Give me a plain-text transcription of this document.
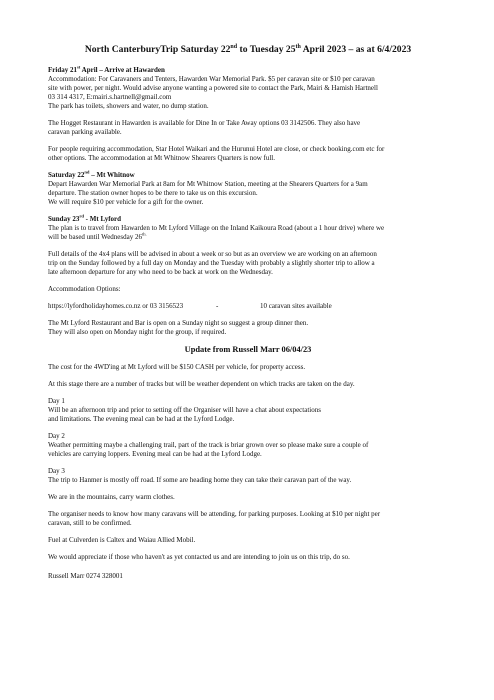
North CanterburyTrip Saturday 22nd to Tuesday 25th April 2023 – as at 6/4/2023
Friday 21st April – Arrive at Hawarden

Accommodation: For Caravaners and Tenters, Hawarden War Memorial Park. $5 per caravan site or $10 per caravan

site with power, per night. Would advise anyone wanting a powered site to contact the Park, Mairi & Hamish Hartnell

03 314 4317, E:mairi.s.hartnell@gmail.com

The park has toilets, showers and water, no dump station.

The Hogget Restaurant in Hawarden is available for Dine In or Take Away options 03 3142506. They also have

caravan parking available.

For people requiring accommodation, Star Hotel Waikari and the Hurunui Hotel are close, or check booking.com etc for

other options. The accommodation at Mt Whitnow Shearers Quarters is now full.

Saturday 22nd – Mt Whitnow

Depart Hawarden War Memorial Park at 8am for Mt Whitnow Station, meeting at the Shearers Quarters for a 9am

departure. The station owner hopes to be there to take us on this excursion.

We will require $10 per vehicle for a gift for the owner.

Sunday 23rd - Mt Lyford

The plan is to travel from Hawarden to Mt Lyford Village on the Inland Kaikoura Road (about a 1 hour drive) where we

will be based until Wednesday $26^{th.}$

Full details of the 4x4 plans will be advised in about a week or so but as an overview we are working on an afternoon

trip on the Sunday followed by a full day on Monday and the Tuesday with probably a slightly shorter trip to allow a

late afternoon departure for any who need to be back at work on the Wednesday.

Accommodation Options:

https://lyfordholidayhomes.co.nz or 03 3156523	-	10 caravan sites available

The Mt Lyford Restaurant and Bar is open on a Sunday night so suggest a group dinner then.

They will also open on Monday night for the group, if required.

Update from Russell Marr 06/04/23

The cost for the 4WD'ing at Mt Lyford will be $150 CASH per vehicle, for property access.

At this stage there are a number of tracks but will be weather dependent on which tracks are taken on the day.

Day 1

Will be an afternoon trip and prior to setting off the Organiser will have a chat about expectations

and limitations. The evening meal can be had at the Lyford Lodge.

Day 2

Weather permitting maybe a challenging trail, part of the track is briar grown over so please make sure a couple of

vehicles are carrying loppers. Evening meal can be had at the Lyford Lodge.

Day 3

The trip to Hanmer is mostly off road. If some are heading home they can take their caravan part of the way.

We are in the mountains, carry warm clothes.

The organiser needs to know how many caravans will be attending, for parking purposes. Looking at $10 per night per

caravan, still to be confirmed.

Fuel at Culverden is Caltex and Waiau Allied Mobil.

We would appreciate if those who haven't as yet contacted us and are intending to join us on this trip, do so.

Russell Marr 0274 328001
